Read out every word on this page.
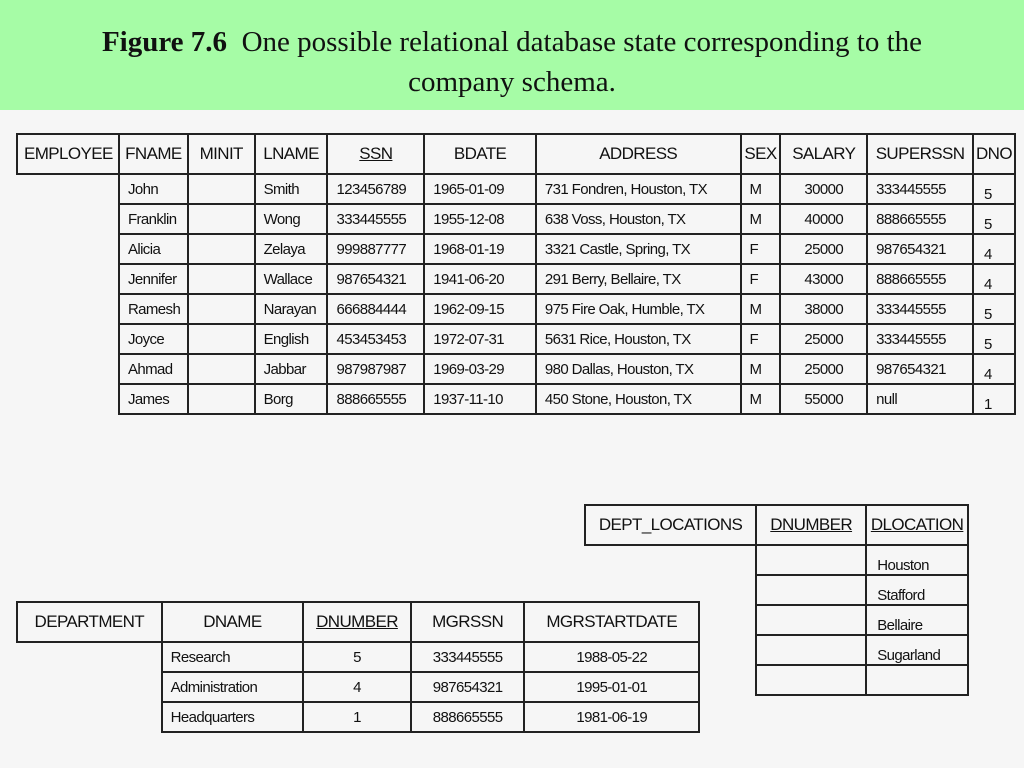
Figure 7.6 One possible relational database state corresponding to the
company schema.
EMPLOYEE	FNAME	MINIT	LNAME	SSN	BDATE	ADDRESS	SEX	SALARY	SUPERSSN	DNO
	John		Smith	123456789	1965-01-09	731 Fondren, Houston, TX	M	30000	333445555	5
	Franklin		Wong	333445555	1955-12-08	638 Voss, Houston, TX	M	40000	888665555	5
	Alicia		Zelaya	999887777	1968-01-19	3321 Castle, Spring, TX	F	25000	987654321	4
	Jennifer		Wallace	987654321	1941-06-20	291 Berry, Bellaire, TX	F	43000	888665555	4
	Ramesh		Narayan	666884444	1962-09-15	975 Fire Oak, Humble, TX	M	38000	333445555	5
	Joyce		English	453453453	1972-07-31	5631 Rice, Houston, TX	F	25000	333445555	5
	Ahmad		Jabbar	987987987	1969-03-29	980 Dallas, Houston, TX	M	25000	987654321	4
	James		Borg	888665555	1937-11-10	450 Stone, Houston, TX	M	55000	null	1
DEPT_LOCATIONS	DNUMBER	DLOCATION
		Houston
		Stafford
		Bellaire
		Sugarland

DEPARTMENT	DNAME	DNUMBER	MGRSSN	MGRSTARTDATE
	Research	5	333445555	1988-05-22
	Administration	4	987654321	1995-01-01
	Headquarters	1	888665555	1981-06-19
